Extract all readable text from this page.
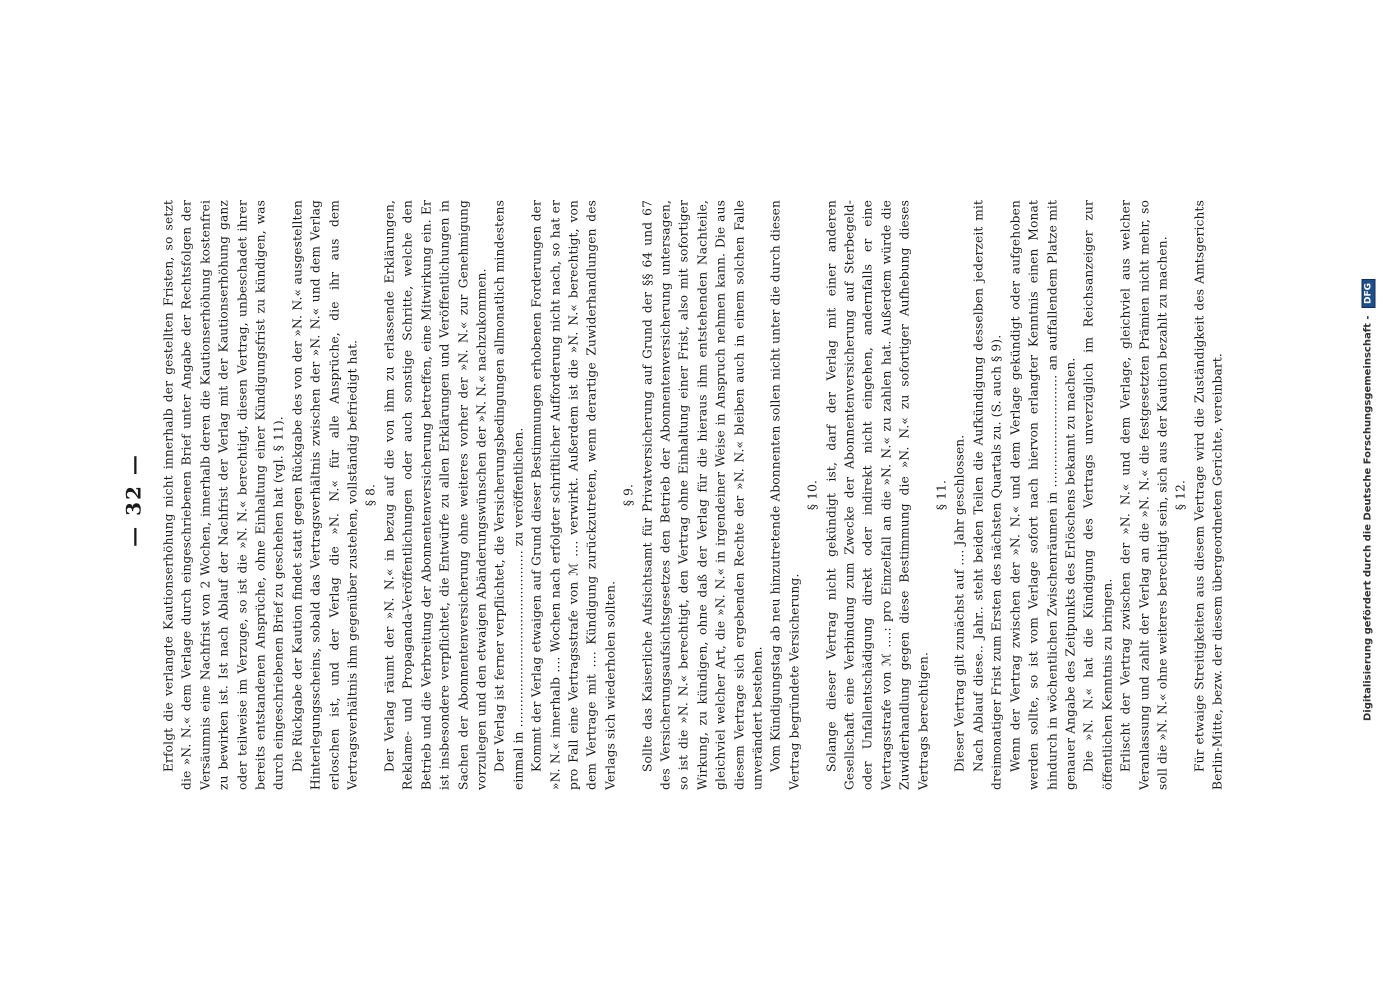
— 32 — Erfolgt die verlangte Kautionserhöhung nicht innerhalb der gestellten Fristen, so setzt die »N. N.« dem Verlage durch eingeschriebenen Brief unter Angabe der Rechtsfolgen der Versäumnis eine Nachfrist von 2 Wochen, innerhalb deren die Kautionserhöhung kostenfrei zu bewirken ist. Ist nach Ablauf der Nachfrist der Verlag mit der Kautionserhöhung ganz oder teilweise im Verzuge, so ist die »N. N.« berechtigt, diesen Vertrag, unbeschadet ihrer bereits entstandenen Ansprüche, ohne Einhaltung einer Kündigungsfrist zu kündigen, was durch eingeschriebenen Brief zu geschehen hat (vgl. § 11). Die Rückgabe der Kaution findet statt gegen Rückgabe des von der »N. N.« ausgestellten Hinterlegungsscheins, sobald das Vertragsverhältnis zwischen der »N. N.« und dem Verlag erloschen ist, und der Verlag die »N. N.« für alle Ansprüche, die ihr aus dem Vertragsverhältnis ihm gegenüber zustehen, vollständig befriedigt hat. § 8. Der Verlag räumt der »N. N.« in bezug auf die von ihm zu erlassende Erklärungen, Reklame- und Propaganda-Veröffentlichungen oder auch sonstige Schritte, welche den Betrieb und die Verbreitung der Abonnentenversicherung betreffen, eine Mitwirkung ein. Er ist insbesondere verpflichtet, die Entwürfe zu allen Erklärungen und Veröffentlichungen in Sachen der Abonnentenversicherung ohne weiteres vorher der »N. N.« zur Genehmigung vorzulegen und den etwaigen Abänderungswünschen der »N. N.« nachzukommen. Der Verlag ist ferner verpflichtet, die Versicherungsbedingungen allmonatlich mindestens einmal in ............................................ zu veröffentlichen. Kommt der Verlag etwaigen auf Grund dieser Bestimmungen erhobenen Forderungen der »N. N.« innerhalb .... Wochen nach erfolgter schriftlicher Aufforderung nicht nach, so hat er pro Fall eine Vertragsstrafe von ℳ .... verwirkt. Außerdem ist die »N. N.« berechtigt, von dem Vertrage mit .... Kündigung zurückzutreten, wenn derartige Zuwiderhandlungen des Verlags sich wiederholen sollten.

§ 9. Sollte das Kaiserliche Aufsichtsamt für Privatversicherung auf Grund der §§ 64 und 67 des Versicherungsaufsichtsgesetzes den Betrieb der Abonnentenversicherung untersagen, so ist die »N. N.« berechtigt, den Vertrag ohne Einhaltung einer Frist, also mit sofortiger Wirkung, zu kündigen, ohne daß der Verlag für die hieraus ihm entstehenden Nachteile, gleichviel welcher Art, die »N. N.« in irgendeiner Weise in Anspruch nehmen kann. Die aus diesem Vertrage sich ergebenden Rechte der »N. N.« bleiben auch in einem solchen Falle unverändert bestehen. Vom Kündigungstag ab neu hinzutretende Abonnenten sollen nicht unter die durch diesen Vertrag begründete Versicherung.

§ 10. Solange dieser Vertrag nicht gekündigt ist, darf der Verlag mit einer anderen Gesellschaft eine Verbindung zum Zwecke der Abonnentenversicherung auf Sterbegeld- oder Unfallentschädigung direkt oder indirekt nicht eingehen, andernfalls er eine Vertragsstrafe von ℳ ....: pro Einzelfall an die »N. N.« zu zahlen hat. Außerdem würde die Zuwiderhandlung gegen diese Bestimmung die »N. N.« zu sofortiger Aufhebung dieses Vertrags berechtigen.

§ 11. Dieser Vertrag gilt zunächst auf .... Jahr geschlossen. Nach Ablauf diese.. Jahr.. steht beiden Teilen die Aufkündigung desselben jederzeit mit dreimonatiger Frist zum Ersten des nächsten Quartals zu. (S. auch § 9). Wenn der Vertrag zwischen der »N. N.« und dem Verlage gekündigt oder aufgehoben werden sollte, so ist vom Verlage sofort nach hiervon erlangter Kenntnis einen Monat hindurch in wöchentlichen Zwischenräumen in ............................ an auffallendem Platze mit genauer Angabe des Zeitpunkts des Erlöschens bekannt zu machen. Die »N. N.« hat die Kündigung des Vertrags unverzüglich im Reichsanzeiger zur öffentlichen Kenntnis zu bringen. Erlischt der Vertrag zwischen der »N. N.« und dem Verlage, gleichviel aus welcher Veranlassung und zahlt der Verlag an die »N. N.« die festgesetzten Prämien nicht mehr, so soll die »N. N.« ohne weiteres berechtigt sein, sich aus der Kaution bezahlt zu machen. § 12. Für etwaige Streitigkeiten aus diesem Vertrage wird die Zuständigkeit des Amtsgerichts Berlin-Mitte, bezw. der diesem übergeordneten Gerichte, vereinbart.	Digitalisierung gefördert durch die Deutsche Forschungsgemeinschaft - DFG
